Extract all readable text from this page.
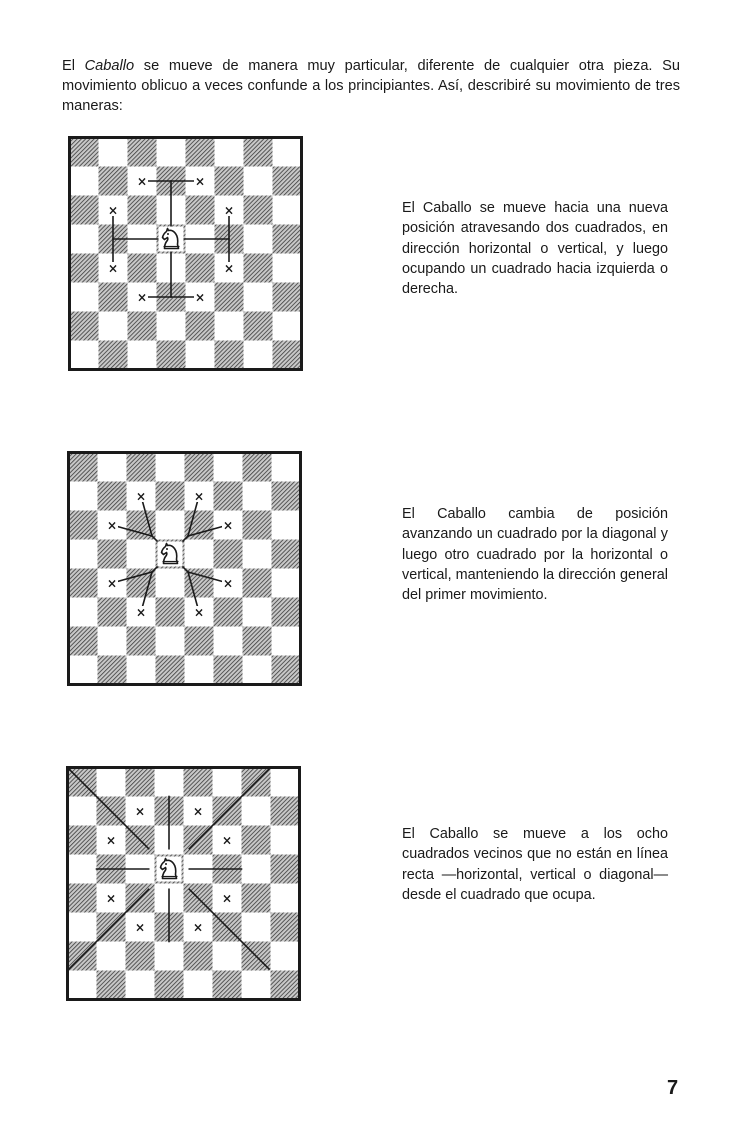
El Caballo se mueve de manera muy particular, diferente de cualquier otra pieza. Su movimiento oblicuo a veces confunde a los principiantes. Así, describiré su movimiento de tres maneras:

×	×
×	×
×
×
×
×

El Caballo se mueve hacia una nueva posición atravesando dos cuadrados, en dirección horizontal o vertical, y luego ocupando un cuadrado hacia izquierda o derecha.

×	×
×	×
×
×
×
×

El Caballo cambia de posición avanzando un cuadrado por la diagonal y luego otro cuadrado por la horizontal o vertical, manteniendo la dirección general del primer movimiento.

×	×
×	×
×
×
×
×

El Caballo se mueve a los ocho cuadrados vecinos que no están en línea recta —horizontal, vertical o diagonal— desde el cuadrado que ocupa.

7
